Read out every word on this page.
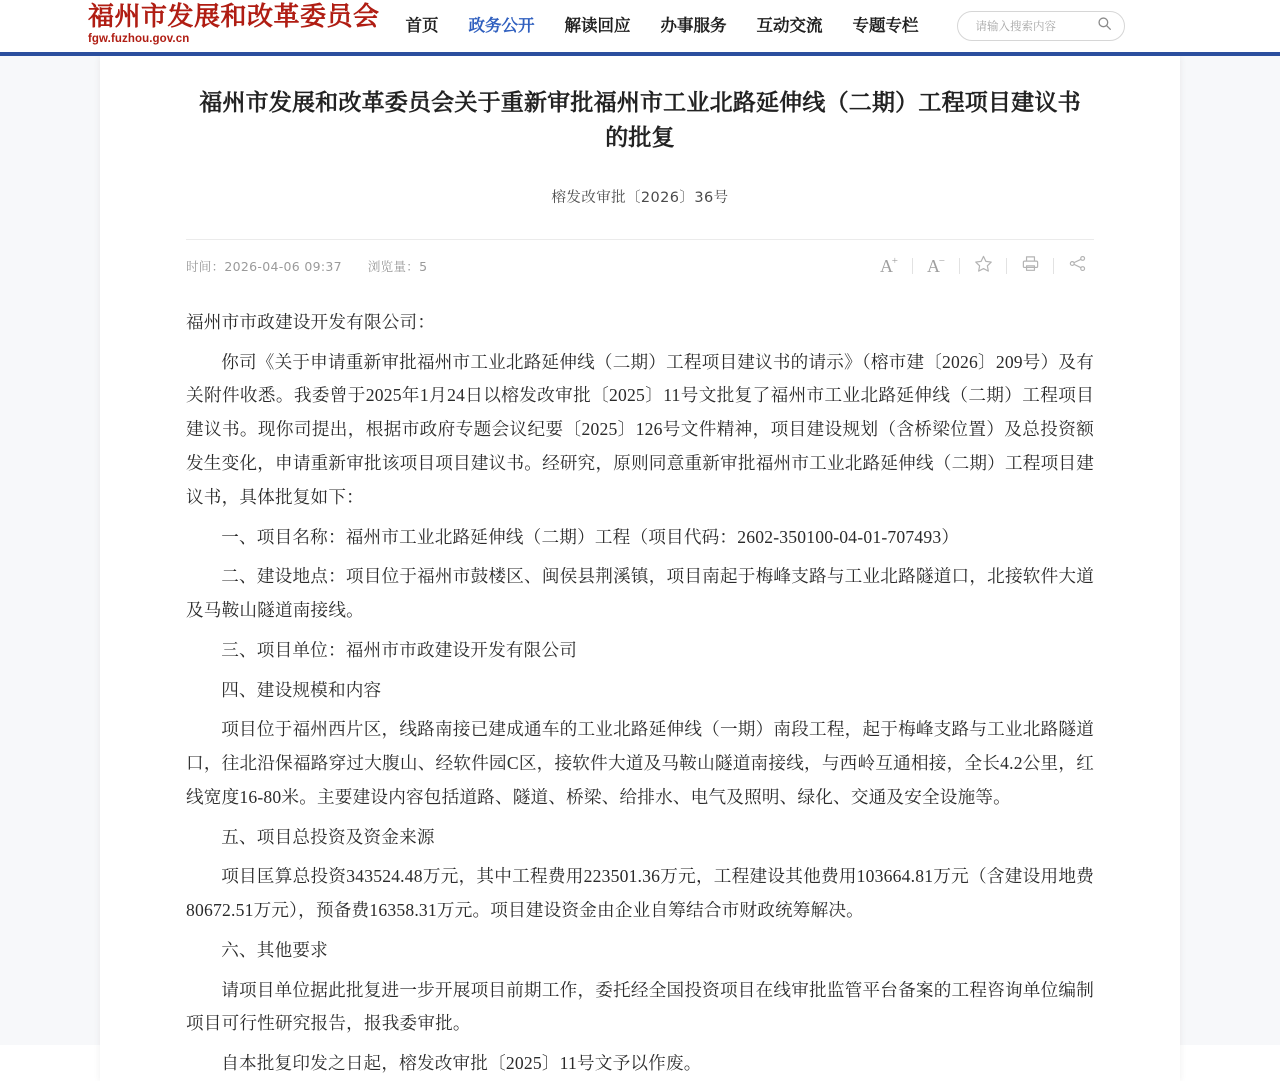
福州市发展和改革委员会
fgw.fuzhou.gov.cn
首页 政务公开 解读回应 办事服务 互动交流 专题专栏
请输入搜索内容
福州市发展和改革委员会关于重新审批福州市工业北路延伸线（二期）工程项目建议书的批复
榕发改审批〔2026〕36号
时间：2026-04-06 09:37 浏览量：5	A
+ A
−

福州市市政建设开发有限公司：

你司《关于申请重新审批福州市工业北路延伸线（二期）工程项目建议书的请示》（榕市建〔2026〕209号）及有关附件收悉。我委曾于2025年1月24日以榕发改审批〔2025〕11号文批复了福州市工业北路延伸线（二期）工程项目建议书。现你司提出，根据市政府专题会议纪要〔2025〕126号文件精神，项目建设规划（含桥梁位置）及总投资额发生变化，申请重新审批该项目项目建议书。经研究，原则同意重新审批福州市工业北路延伸线（二期）工程项目建议书，具体批复如下：

一、项目名称：福州市工业北路延伸线（二期）工程（项目代码：2602-350100-04-01-707493）

二、建设地点：项目位于福州市鼓楼区、闽侯县荆溪镇，项目南起于梅峰支路与工业北路隧道口，北接软件大道及马鞍山隧道南接线。

三、项目单位：福州市市政建设开发有限公司

四、建设规模和内容

项目位于福州西片区，线路南接已建成通车的工业北路延伸线（一期）南段工程，起于梅峰支路与工业北路隧道口，往北沿保福路穿过大腹山、经软件园C区，接软件大道及马鞍山隧道南接线，与西岭互通相接，全长4.2公里，红线宽度16-80米。主要建设内容包括道路、隧道、桥梁、给排水、电气及照明、绿化、交通及安全设施等。

五、项目总投资及资金来源

项目匡算总投资343524.48万元，其中工程费用223501.36万元，工程建设其他费用103664.81万元（含建设用地费80672.51万元），预备费16358.31万元。项目建设资金由企业自筹结合市财政统筹解决。

六、其他要求

请项目单位据此批复进一步开展项目前期工作，委托经全国投资项目在线审批监管平台备案的工程咨询单位编制项目可行性研究报告，报我委审批。

自本批复印发之日起，榕发改审批〔2025〕11号文予以作废。
